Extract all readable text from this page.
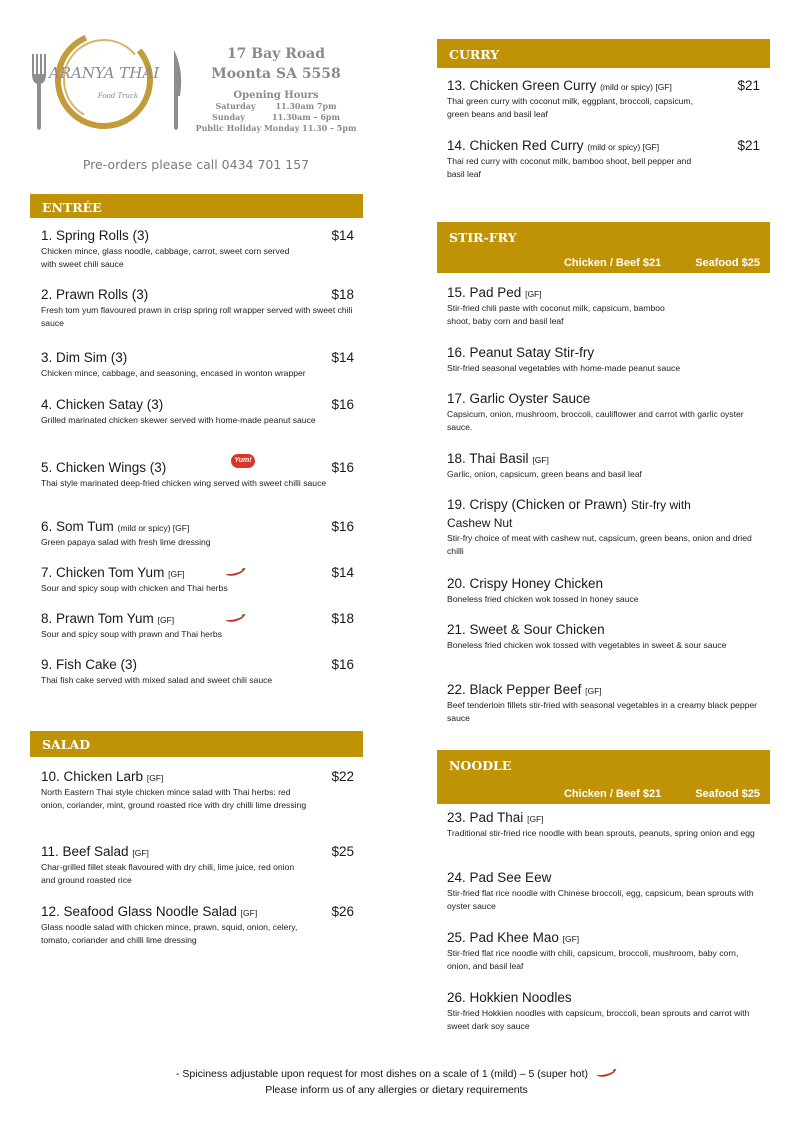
ARANYA THAI
Food Truck
17 Bay Road
Moonta SA 5558
Opening Hours
Saturday 11.30am 7pm
Sunday	11.30am – 6pm
Public Holiday Monday 11.30 – 5pm
Pre-orders please call 0434 701 157
ENTRÉE
1. Spring Rolls (3)	$14
Chicken mince, glass noodle, cabbage, carrot, sweet corn served with sweet chili sauce
2. Prawn Rolls (3)	$18
Fresh tom yum flavoured prawn in crisp spring roll wrapper served with sweet chili sauce
3. Dim Sim (3)	$14
Chicken mince, cabbage, and seasoning, encased in wonton wrapper
4. Chicken Satay (3)	$16
Grilled marinated chicken skewer served with home-made peanut sauce
5. Chicken Wings (3)	Yum!	$16
Thai style marinated deep-fried chicken wing served with sweet chilli sauce
6. Som Tum (mild or spicy) [GF]	$16
Green papaya salad with fresh lime dressing
7. Chicken Tom Yum [GF]	$14
Sour and spicy soup with chicken and Thai herbs
8. Prawn Tom Yum [GF]	$18
Sour and spicy soup with prawn and Thai herbs
9. Fish Cake (3)	$16
Thai fish cake served with mixed salad and sweet chili sauce
SALAD
10. Chicken Larb [GF]	$22
North Eastern Thai style chicken mince salad with Thai herbs: red onion, coriander, mint, ground roasted rice with dry chilli lime dressing
11. Beef Salad [GF]	$25
Char-grilled fillet steak flavoured with dry chili, lime juice, red onion and ground roasted rice
12. Seafood Glass Noodle Salad [GF]	$26
Glass noodle salad with chicken mince, prawn, squid, onion, celery, tomato, coriander and chilli lime dressing
CURRY
13. Chicken Green Curry (mild or spicy) [GF]	$21
Thai green curry with coconut milk, eggplant, broccoli, capsicum, green beans and basil leaf
14. Chicken Red Curry (mild or spicy) [GF]	$21
Thai red curry with coconut milk, bamboo shoot, bell pepper and basil leaf
STIR-FRY
Chicken / Beef $21	Seafood $25
15. Pad Ped [GF]
Stir-fried chili paste with coconut milk, capsicum, bamboo shoot, baby corn and basil leaf
16. Peanut Satay Stir-fry
Stir-fried seasonal vegetables with home-made peanut sauce
17. Garlic Oyster Sauce
Capsicum, onion, mushroom, broccoli, cauliflower and carrot with garlic oyster sauce.
18. Thai Basil [GF]
Garlic, onion, capsicum, green beans and basil leaf
19. Crispy (Chicken or Prawn) Stir-fry with
Cashew Nut
Stir-fry choice of meat with cashew nut, capsicum, green beans, onion and dried chilli
20. Crispy Honey Chicken
Boneless fried chicken wok tossed in honey sauce
21. Sweet & Sour Chicken
Boneless fried chicken wok tossed with vegetables in sweet & sour sauce
22. Black Pepper Beef [GF]
Beef tenderloin fillets stir-fried with seasonal vegetables in a creamy black pepper sauce
NOODLE
Chicken / Beef $21	Seafood $25
23. Pad Thai [GF]
Traditional stir-fried rice noodle with bean sprouts, peanuts, spring onion and egg
24. Pad See Eew
Stir-fried flat rice noodle with Chinese broccoli, egg, capsicum, bean sprouts with oyster sauce
25. Pad Khee Mao [GF]
Stir-fried flat rice noodle with chili, capsicum, broccoli, mushroom, baby corn, onion, and basil leaf
26. Hokkien Noodles
Stir-fried Hokkien noodles with capsicum, broccoli, bean sprouts and carrot with sweet dark soy sauce
- Spiciness adjustable upon request for most dishes on a scale of 1 (mild) – 5 (super hot)
Please inform us of any allergies or dietary requirements
